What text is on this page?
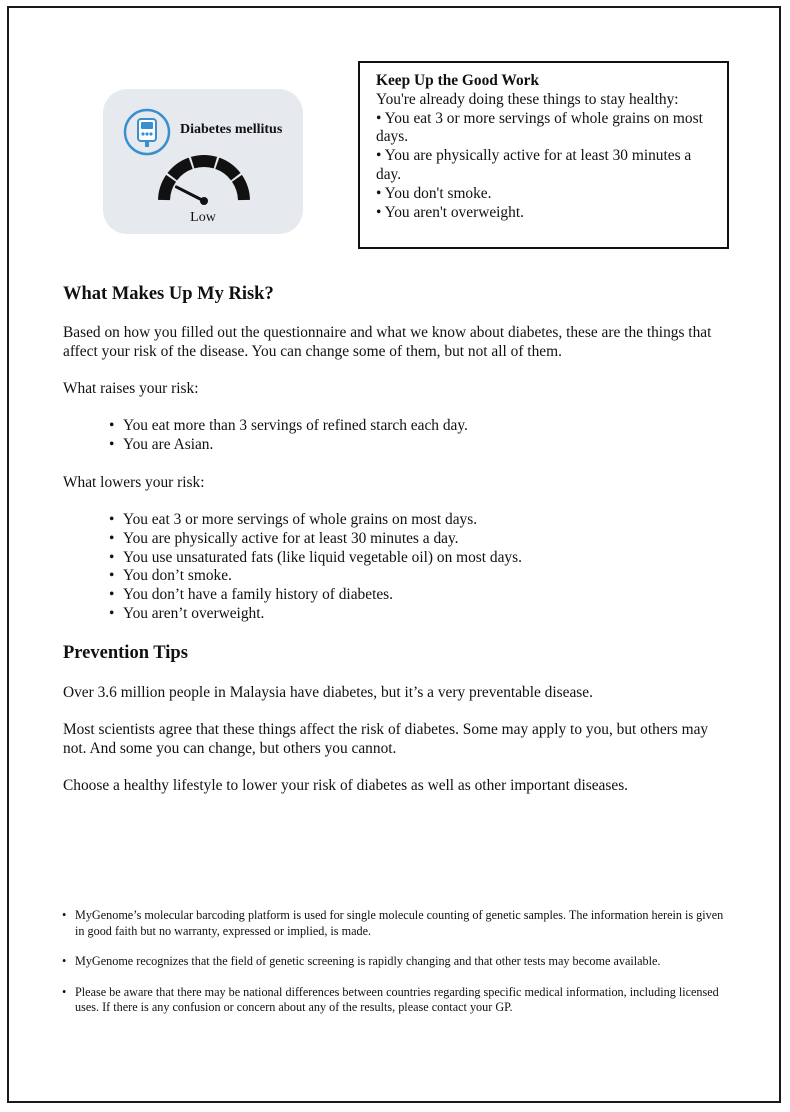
Diabetes mellitus
Low
Keep Up the Good Work
You're already doing these things to stay healthy:
• You eat 3 or more servings of whole grains on most days.
• You are physically active for at least 30 minutes a day.
• You don't smoke.
• You aren't overweight.
What Makes Up My Risk?
Based on how you filled out the questionnaire and what we know about diabetes, these are the things that affect your risk of the disease. You can change some of them, but not all of them.
What raises your risk:
• You eat more than 3 servings of refined starch each day.
• You are Asian.
What lowers your risk:
• You eat 3 or more servings of whole grains on most days.
• You are physically active for at least 30 minutes a day.
• You use unsaturated fats (like liquid vegetable oil) on most days.
• You don’t smoke.
• You don’t have a family history of diabetes.
• You aren’t overweight.
Prevention Tips
Over 3.6 million people in Malaysia have diabetes, but it’s a very preventable disease.
Most scientists agree that these things affect the risk of diabetes. Some may apply to you, but others may not. And some you can change, but others you cannot.
Choose a healthy lifestyle to lower your risk of diabetes as well as other important diseases.
• MyGenome’s molecular barcoding platform is used for single molecule counting of genetic samples. The information herein is given in good faith but no warranty, expressed or implied, is made.
• MyGenome recognizes that the field of genetic screening is rapidly changing and that other tests may become available.
• Please be aware that there may be national differences between countries regarding specific medical information, including licensed uses. If there is any confusion or concern about any of the results, please contact your GP.
